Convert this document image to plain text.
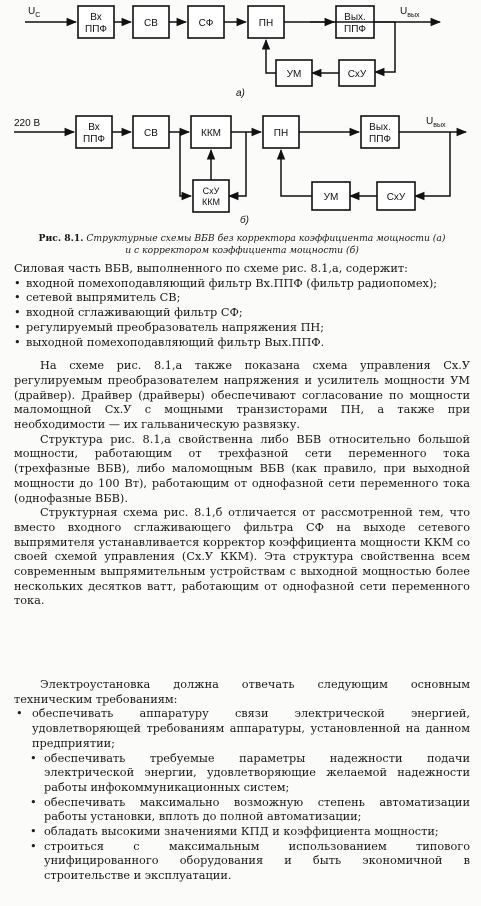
$U_C$	Вх
ППФ
СВ	СФ	ПН
Вых.
ППФ
$U_{вых}$
СхУ
УМ
а)
220 В	Вх
ППФ
СВ	ККМ
СхУ
ККМ
ПН
Вых.
ППФ
$U_{вых}$
СхУ
УМ
б)
Рис. 8.1. Структурные схемы ВБВ без корректора коэффициента мощности (а)
и с корректором коэффициента мощности (б)

Силовая часть ВБВ, выполненного по схеме рис. 8.1,а, содержит:

• входной помехоподавляющий фильтр Вх.ППФ (фильтр радиопомех);
• сетевой выпрямитель СВ;
• входной сглаживающий фильтр СФ;
• регулируемый преобразователь напряжения ПН;
• выходной помехоподавляющий фильтр Вых.ППФ.

На схеме рис. 8.1,а также показана схема управления Сх.У регулируемым преобразователем напряжения и усилитель мощности УМ (драйвер). Драйвер (драйверы) обеспечивают согласование по мощности маломощной Сх.У с мощными транзисторами ПН, а также при необходимости — их гальваническую развязку.

Структура рис. 8.1,а свойственна либо ВБВ относительно большой мощности, работающим от трехфазной сети переменного тока (трехфазные ВБВ), либо маломощным ВБВ (как правило, при выходной мощности до 100 Вт), работающим от однофазной сети переменного тока (однофазные ВБВ).

Структурная схема рис. 8.1,б отличается от рассмотренной тем, что вместо входного сглаживающего фильтра СФ на выходе сетевого выпрямителя устанавливается корректор коэффициента мощности ККМ со своей схемой управления (Сх.У ККМ). Эта структура свойственна всем современным выпрямительным устройствам с выходной мощностью более нескольких десятков ватт, работающим от однофазной сети переменного тока.

Электроустановка должна отвечать следующим основным техническим требованиям:

• обеспечивать аппаратуру связи электрической энергией, удовлетворяющей требованиям аппаратуры, установленной на данном предприятии;
• обеспечивать требуемые параметры надежности подачи электрической энергии, удовлетворяющие желаемой надежности работы инфокоммуникационных систем;
• обеспечивать максимально возможную степень автоматизации работы установки, вплоть до полной автоматизации;
• обладать высокими значениями КПД и коэффициента мощности;
• строиться с максимальным использованием типового унифицированного оборудования и быть экономичной в строительстве и эксплуатации.
